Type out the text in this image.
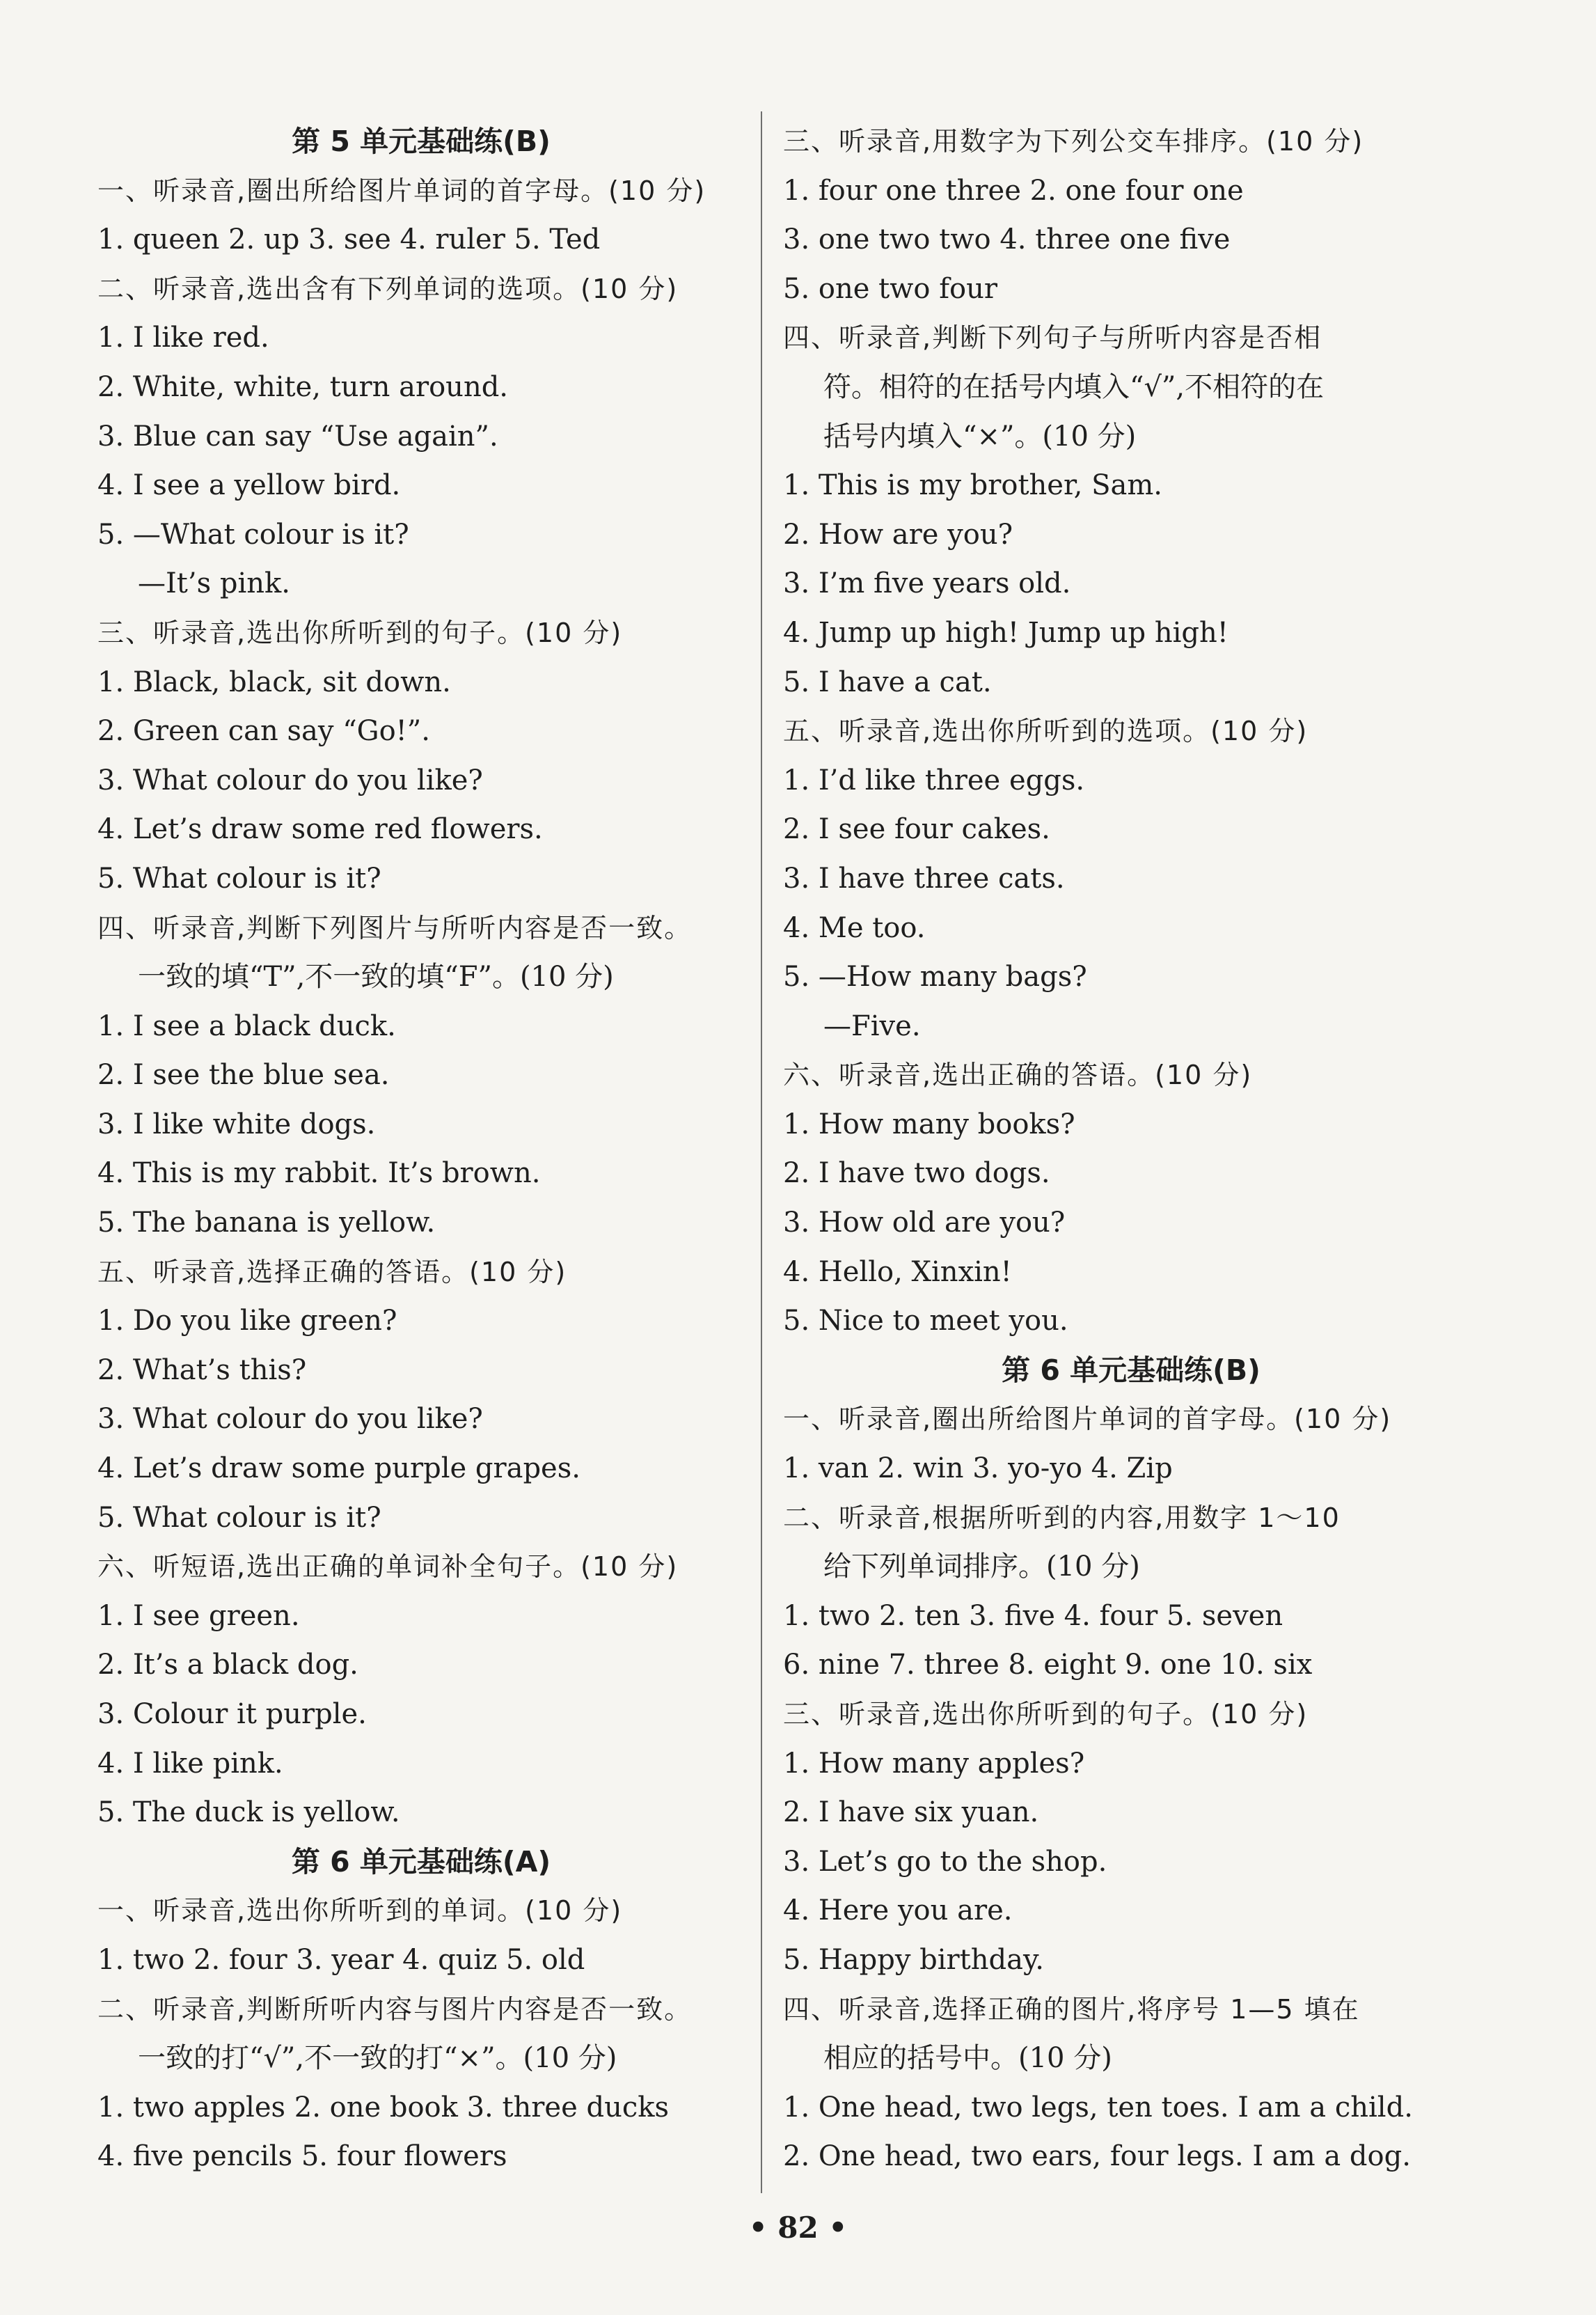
第 5 单元基础练(B)
一、听录音,圈出所给图片单词的首字母。(10 分)
1. queen 2. up 3. see 4. ruler 5. Ted
二、听录音,选出含有下列单词的选项。(10 分)
1. I like red.
2. White, white, turn around.
3. Blue can say “Use again”.
4. I see a yellow bird.
5. —What colour is it?
—It’s pink.
三、听录音,选出你所听到的句子。(10 分)
1. Black, black, sit down.
2. Green can say “Go!”.
3. What colour do you like?
4. Let’s draw some red flowers.
5. What colour is it?
四、听录音,判断下列图片与所听内容是否一致。
一致的填“T”,不一致的填“F”。(10 分)
1. I see a black duck.
2. I see the blue sea.
3. I like white dogs.
4. This is my rabbit. It’s brown.
5. The banana is yellow.
五、听录音,选择正确的答语。(10 分)
1. Do you like green?
2. What’s this?
3. What colour do you like?
4. Let’s draw some purple grapes.
5. What colour is it?
六、听短语,选出正确的单词补全句子。(10 分)
1. I see green.
2. It’s a black dog.
3. Colour it purple.
4. I like pink.
5. The duck is yellow.
第 6 单元基础练(A)
一、听录音,选出你所听到的单词。(10 分)
1. two 2. four 3. year 4. quiz 5. old
二、听录音,判断所听内容与图片内容是否一致。
一致的打“√”,不一致的打“×”。(10 分)
1. two apples 2. one book 3. three ducks
4. five pencils 5. four flowers
三、听录音,用数字为下列公交车排序。(10 分)
1. four one three 2. one four one
3. one two two 4. three one five
5. one two four
四、听录音,判断下列句子与所听内容是否相
符。相符的在括号内填入“√”,不相符的在
括号内填入“×”。(10 分)
1. This is my brother, Sam.
2. How are you?
3. I’m five years old.
4. Jump up high! Jump up high!
5. I have a cat.
五、听录音,选出你所听到的选项。(10 分)
1. I’d like three eggs.
2. I see four cakes.
3. I have three cats.
4. Me too.
5. —How many bags?
—Five.
六、听录音,选出正确的答语。(10 分)
1. How many books?
2. I have two dogs.
3. How old are you?
4. Hello, Xinxin!
5. Nice to meet you.
第 6 单元基础练(B)
一、听录音,圈出所给图片单词的首字母。(10 分)
1. van 2. win 3. yo-yo 4. Zip
二、听录音,根据所听到的内容,用数字 1～10
给下列单词排序。(10 分)
1. two 2. ten 3. five 4. four 5. seven
6. nine 7. three 8. eight 9. one 10. six
三、听录音,选出你所听到的句子。(10 分)
1. How many apples?
2. I have six yuan.
3. Let’s go to the shop.
4. Here you are.
5. Happy birthday.
四、听录音,选择正确的图片,将序号 1—5 填在
相应的括号中。(10 分)
1. One head, two legs, ten toes. I am a child.
2. One head, two ears, four legs. I am a dog.
• 82 •
